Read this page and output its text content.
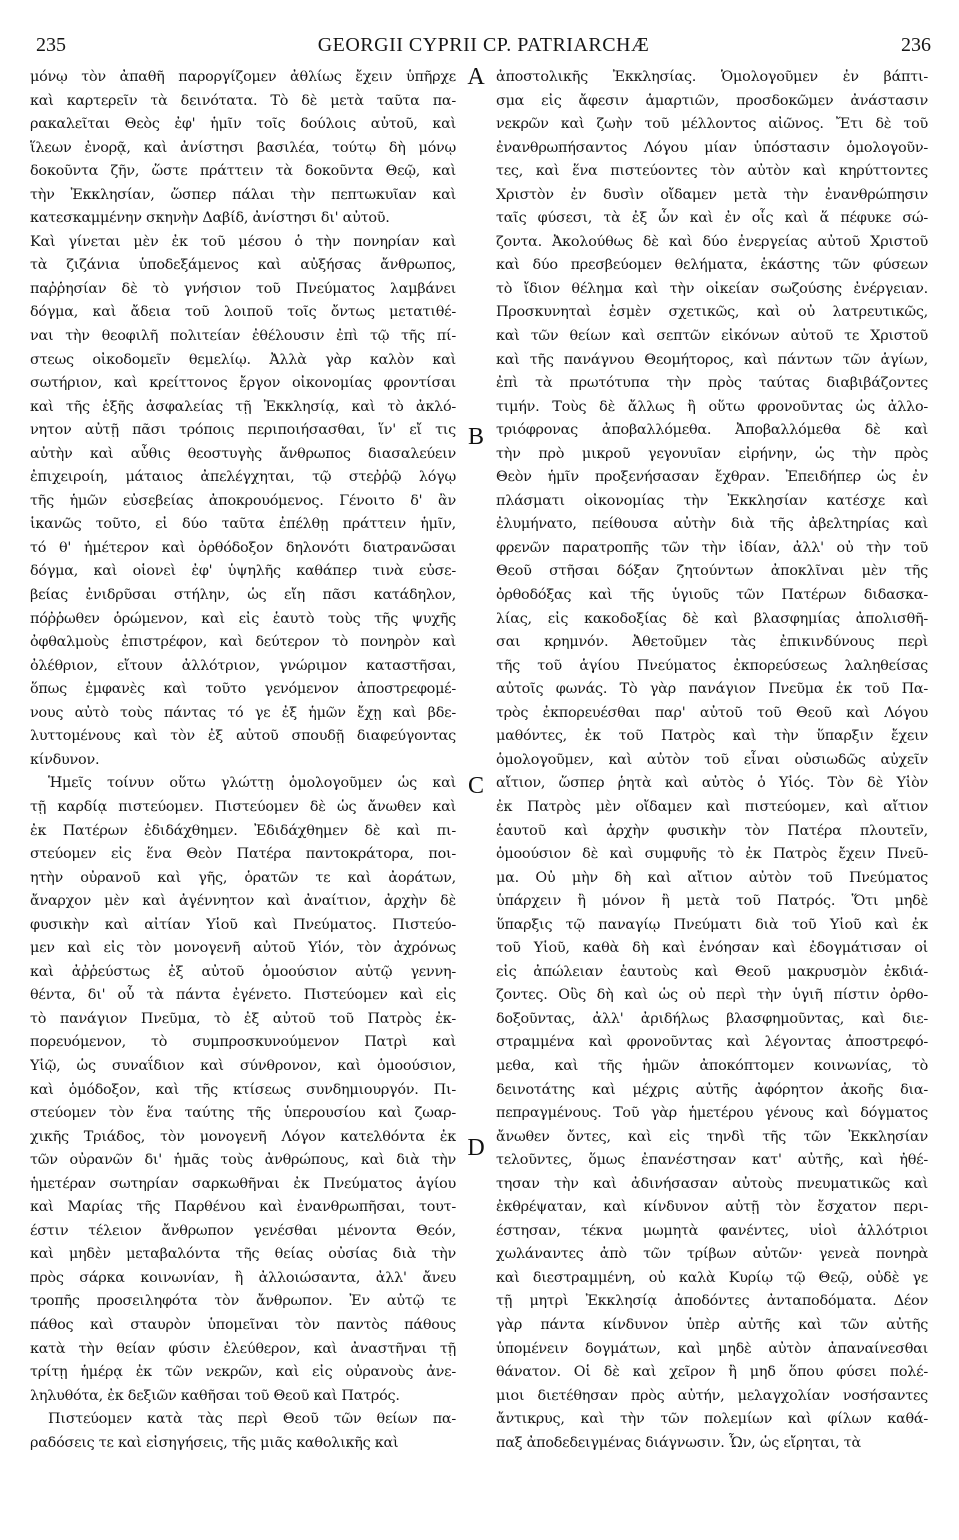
235	GEORGII CYPRII CP. PATRIARCHÆ	236
μόνῳ τὸν ἀπαθῆ παροργίζομεν ἀθλίως ἔχειν ὑπῆρχε
καὶ καρτερεῖν τὰ δεινότατα. Τὸ δὲ μετὰ ταῦτα πα-
ρακαλεῖται Θεὸς ἐφ' ἡμῖν τοῖς δούλοις αὐτοῦ, καὶ
ἵλεων ἐνορᾷ, καὶ ἀνίστησι βασιλέα, τούτῳ δὴ μόνῳ
δοκοῦντα ζῆν, ὥστε πράττειν τὰ δοκοῦντα Θεῷ, καὶ
τὴν Ἐκκλησίαν, ὥσπερ πάλαι τὴν πεπτωκυῖαν καὶ
κατεσκαμμένην σκηνὴν Δαβίδ, ἀνίστησι δι' αὐτοῦ.
Καὶ γίνεται μὲν ἐκ τοῦ μέσου ὁ τὴν πονηρίαν καὶ
τὰ ζιζάνια ὑποδεξάμενος καὶ αὐξήσας ἄνθρωπος,
παῤῥησίαν δὲ τὸ γνήσιον τοῦ Πνεύματος λαμβάνει
δόγμα, καὶ ἄδεια τοῦ λοιποῦ τοῖς ὄντως μετατιθέ-
ναι τὴν θεοφιλῆ πολιτείαν ἐθέλουσιν ἐπὶ τῷ τῆς πί-
στεως οἰκοδομεῖν θεμελίῳ. Ἀλλὰ γὰρ καλὸν καὶ
σωτήριον, καὶ κρείττονος ἔργον οἰκονομίας φροντίσαι
καὶ τῆς ἑξῆς ἀσφαλείας τῇ Ἐκκλησίᾳ, καὶ τὸ ἀκλό-
νητον αὐτῇ πᾶσι τρόποις περιποιήσασθαι, ἵν' εἴ τις
αὐτὴν καὶ αὖθις θεοστυγὴς ἄνθρωπος διασαλεύειν
ἐπιχειροίη, μάταιος ἀπελέγχηται, τῷ στεῤῥῷ λόγῳ
τῆς ἡμῶν εὐσεβείας ἀποκρουόμενος. Γένοιτο δ' ἂν
ἱκανῶς τοῦτο, εἰ δύο ταῦτα ἐπέλθῃ πράττειν ἡμῖν,
τό θ' ἡμέτερον καὶ ὀρθόδοξον δηλονότι διατρανῶσαι
δόγμα, καὶ οἱονεὶ ἐφ' ὑψηλῆς καθάπερ τινὰ εὐσε-
βείας ἐνιδρῦσαι στήλην, ὡς εἴη πᾶσι κατάδηλον,
πόῤῥωθεν ὁρώμενον, καὶ εἰς ἑαυτὸ τοὺς τῆς ψυχῆς
ὀφθαλμοὺς ἐπιστρέφον, καὶ δεύτερον τὸ πονηρὸν καὶ
ὀλέθριον, εἴτουν ἀλλότριον, γνώριμον καταστῆσαι,
ὅπως ἐμφανὲς καὶ τοῦτο γενόμενον ἀποστρεφομέ-
νους αὐτὸ τοὺς πάντας τό γε ἐξ ἡμῶν ἔχῃ καὶ βδε-
λυττομένους καὶ τὸν ἐξ αὐτοῦ σπουδῇ διαφεύγοντας
κίνδυνον.
Ἡμεῖς τοίνυν οὕτω γλώττῃ ὁμολογοῦμεν ὡς καὶ
τῇ καρδίᾳ πιστεύομεν. Πιστεύομεν δὲ ὡς ἄνωθεν καὶ
ἐκ Πατέρων ἐδιδάχθημεν. Ἐδιδάχθημεν δὲ καὶ πι-
στεύομεν εἰς ἕνα Θεὸν Πατέρα παντοκράτορα, ποι-
ητὴν οὐρανοῦ καὶ γῆς, ὁρατῶν τε καὶ ἀοράτων,
ἄναρχον μὲν καὶ ἀγέννητον καὶ ἀναίτιον, ἀρχὴν δὲ
φυσικὴν καὶ αἰτίαν Υἱοῦ καὶ Πνεύματος. Πιστεύο-
μεν καὶ εἰς τὸν μονογενῆ αὐτοῦ Υἱόν, τὸν ἀχρόνως
καὶ ἀῤῥεύστως ἐξ αὐτοῦ ὁμοούσιον αὐτῷ γεννη-
θέντα, δι' οὗ τὰ πάντα ἐγένετο. Πιστεύομεν καὶ εἰς
τὸ πανάγιον Πνεῦμα, τὸ ἐξ αὐτοῦ τοῦ Πατρὸς ἐκ-
πορευόμενον, τὸ συμπροσκυνούμενον Πατρὶ καὶ
Υἱῷ, ὡς συναΐδιον καὶ σύνθρονον, καὶ ὁμοούσιον,
καὶ ὁμόδοξον, καὶ τῆς κτίσεως συνδημιουργόν. Πι-
στεύομεν τὸν ἕνα ταύτης τῆς ὑπερουσίου καὶ ζωαρ-
χικῆς Τριάδος, τὸν μονογενῆ Λόγον κατελθόντα ἐκ
τῶν οὐρανῶν δι' ἡμᾶς τοὺς ἀνθρώπους, καὶ διὰ τὴν
ἡμετέραν σωτηρίαν σαρκωθῆναι ἐκ Πνεύματος ἁγίου
καὶ Μαρίας τῆς Παρθένου καὶ ἐνανθρωπῆσαι, τουτ-
έστιν τέλειον ἄνθρωπον γενέσθαι μένοντα Θεόν,
καὶ μηδὲν μεταβαλόντα τῆς θείας οὐσίας διὰ τὴν
πρὸς σάρκα κοινωνίαν, ἢ ἀλλοιώσαντα, ἀλλ' ἄνευ
τροπῆς προσειληφότα τὸν ἄνθρωπον. Ἐν αὐτῷ τε
πάθος καὶ σταυρὸν ὑπομεῖναι τὸν παντὸς πάθους
κατὰ τὴν θείαν φύσιν ἐλεύθερον, καὶ ἀναστῆναι τῇ
τρίτῃ ἡμέρᾳ ἐκ τῶν νεκρῶν, καὶ εἰς οὐρανοὺς ἀνε-
ληλυθότα, ἐκ δεξιῶν καθῆσαι τοῦ Θεοῦ καὶ Πατρός.
Πιστεύομεν κατὰ τὰς περὶ Θεοῦ τῶν θείων πα-
ραδόσεις τε καὶ εἰσηγήσεις, τῆς μιᾶς καθολικῆς καὶ
A
B
C
D
ἀποστολικῆς Ἐκκλησίας. Ὁμολογοῦμεν ἐν βάπτι-
σμα εἰς ἄφεσιν ἁμαρτιῶν, προσδοκῶμεν ἀνάστασιν
νεκρῶν καὶ ζωὴν τοῦ μέλλοντος αἰῶνος. Ἔτι δὲ τοῦ
ἐνανθρωπήσαντος Λόγου μίαν ὑπόστασιν ὁμολογοῦν-
τες, καὶ ἕνα πιστεύοντες τὸν αὐτὸν καὶ κηρύττοντες
Χριστὸν ἐν δυσὶν οἴδαμεν μετὰ τὴν ἐνανθρώπησιν
ταῖς φύσεσι, τὰ ἐξ ὧν καὶ ἐν οἷς καὶ ἅ πέφυκε σώ-
ζοντα. Ἀκολούθως δὲ καὶ δύο ἐνεργείας αὐτοῦ Χριστοῦ
καὶ δύο πρεσβεύομεν θελήματα, ἑκάστης τῶν φύσεων
τὸ ἴδιον θέλημα καὶ τὴν οἰκείαν σωζούσης ἐνέργειαν.
Προσκυνηταὶ ἐσμὲν σχετικῶς, καὶ οὐ λατρευτικῶς,
καὶ τῶν θείων καὶ σεπτῶν εἰκόνων αὐτοῦ τε Χριστοῦ
καὶ τῆς πανάγνου Θεομήτορος, καὶ πάντων τῶν ἁγίων,
ἐπὶ τὰ πρωτότυπα τὴν πρὸς ταύτας διαβιβάζοντες
τιμήν. Τοὺς δὲ ἄλλως ἢ οὕτω φρονοῦντας ὡς ἀλλο-
τριόφρονας ἀποβαλλόμεθα. Ἀποβαλλόμεθα δὲ καὶ
τὴν πρὸ μικροῦ γεγονυῖαν εἰρήνην, ὡς τὴν πρὸς
Θεὸν ἡμῖν προξενήσασαν ἔχθραν. Ἐπειδήπερ ὡς ἐν
πλάσματι οἰκονομίας τὴν Ἐκκλησίαν κατέσχε καὶ
ἐλυμήνατο, πείθουσα αὐτὴν διὰ τῆς ἀβελτηρίας καὶ
φρενῶν παρατροπῆς τῶν τὴν ἰδίαν, ἀλλ' οὐ τὴν τοῦ
Θεοῦ στῆσαι δόξαν ζητούντων ἀποκλῖναι μὲν τῆς
ὀρθοδόξας καὶ τῆς ὑγιοῦς τῶν Πατέρων διδασκα-
λίας, εἰς κακοδοξίας δὲ καὶ βλασφημίας ἀπολισθῆ-
σαι κρημνόν. Ἀθετοῦμεν τὰς ἐπικινδύνους περὶ
τῆς τοῦ ἁγίου Πνεύματος ἐκπορεύσεως λαληθείσας
αὐτοῖς φωνάς. Τὸ γὰρ πανάγιον Πνεῦμα ἐκ τοῦ Πα-
τρὸς ἐκπορευέσθαι παρ' αὐτοῦ τοῦ Θεοῦ καὶ Λόγου
μαθόντες, ἐκ τοῦ Πατρὸς καὶ τὴν ὕπαρξιν ἔχειν
ὁμολογοῦμεν, καὶ αὐτὸν τοῦ εἶναι οὐσιωδῶς αὐχεῖν
αἴτιον, ὥσπερ ῥητὰ καὶ αὐτὸς ὁ Υἱός. Τὸν δὲ Υἱὸν
ἐκ Πατρὸς μὲν οἴδαμεν καὶ πιστεύομεν, καὶ αἴτιον
ἑαυτοῦ καὶ ἀρχὴν φυσικὴν τὸν Πατέρα πλουτεῖν,
ὁμοούσιον δὲ καὶ συμφυῆς τὸ ἐκ Πατρὸς ἔχειν Πνεῦ-
μα. Οὐ μὴν δὴ καὶ αἴτιον αὐτὸν τοῦ Πνεύματος
ὑπάρχειν ἢ μόνον ἢ μετὰ τοῦ Πατρός. Ὅτι μηδὲ
ὕπαρξις τῷ παναγίῳ Πνεύματι διὰ τοῦ Υἱοῦ καὶ ἐκ
τοῦ Υἱοῦ, καθὰ δὴ καὶ ἐνόησαν καὶ ἐδογμάτισαν οἱ
εἰς ἀπώλειαν ἑαυτοὺς καὶ Θεοῦ μακρυσμὸν ἐκδιά-
ζοντες. Οὓς δὴ καὶ ὡς οὐ περὶ τὴν ὑγιῆ πίστιν ὀρθο-
δοξοῦντας, ἀλλ' ἀριδήλως βλασφημοῦντας, καὶ διε-
στραμμένα καὶ φρονοῦντας καὶ λέγοντας ἀποστρεφό-
μεθα, καὶ τῆς ἡμῶν ἀποκόπτομεν κοινωνίας, τὸ
δεινοτάτης καὶ μέχρις αὐτῆς ἀφόρητον ἀκοῆς δια-
πεπραγμένους. Τοῦ γὰρ ἡμετέρου γένους καὶ δόγματος
ἄνωθεν ὄντες, καὶ εἰς τηνδὶ τῆς τῶν Ἐκκλησίαν
τελοῦντες, ὅμως ἐπανέστησαν κατ' αὐτῆς, καὶ ἠθέ-
τησαν τὴν καὶ ἀδινήσασαν αὐτοὺς πνευματικῶς καὶ
ἐκθρέψαταν, καὶ κίνδυνον αὐτῇ τὸν ἔσχατον περι-
έστησαν, τέκνα μωμητὰ φανέντες, υἱοὶ ἀλλότριοι
χωλάναντες ἀπὸ τῶν τρίβων αὐτῶν· γενεὰ πονηρὰ
καὶ διεστραμμένη, οὐ καλὰ Κυρίῳ τῷ Θεῷ, οὐδὲ γε
τῇ μητρὶ Ἐκκλησίᾳ ἀποδόντες ἀνταποδόματα. Δέον
γὰρ πάντα κίνδυνον ὑπὲρ αὐτῆς καὶ τῶν αὐτῆς
ὑπομένειν δογμάτων, καὶ μηδὲ αὐτὸν ἀπαναίνεσθαι
θάνατον. Οἱ δὲ καὶ χεῖρον ἢ μηδ ὅπου φύσει πολέ-
μιοι διετέθησαν πρὸς αὐτήν, μελαγχολίαν νοσήσαντες
ἄντικρυς, καὶ τὴν τῶν πολεμίων καὶ φίλων καθά-
παξ ἀποδεδειγμένας διάγνωσιν. Ὧν, ὡς εἴρηται, τὰ
